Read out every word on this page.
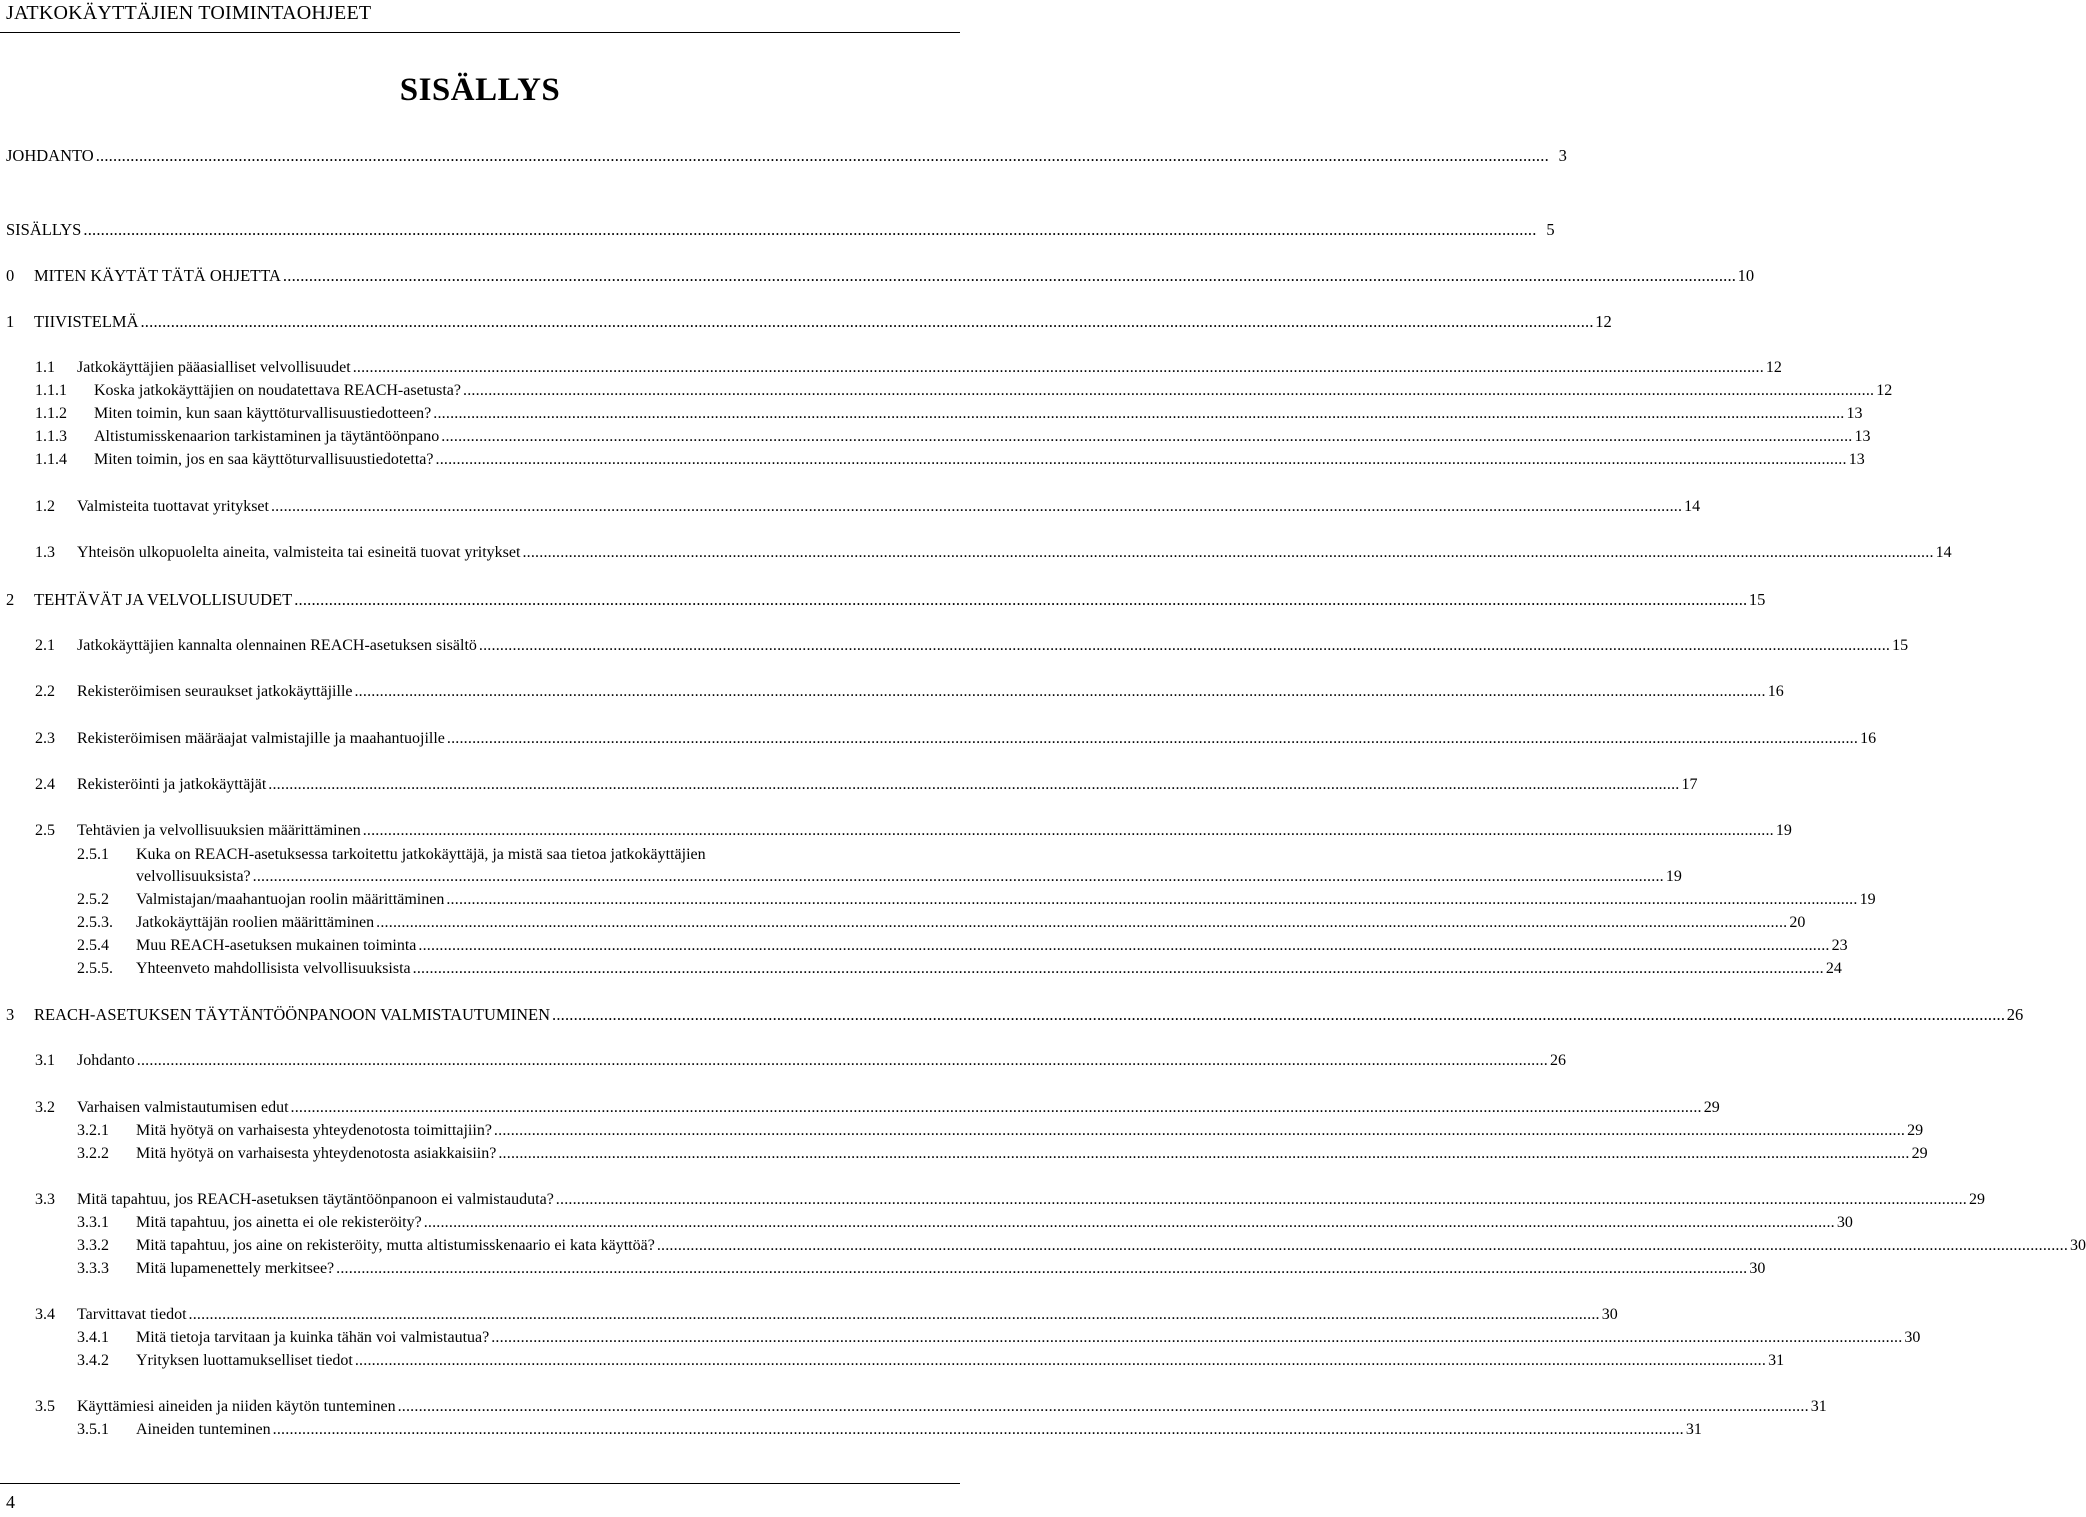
JATKOKÄYTTÄJIEN TOIMINTAOHJEET
SISÄLLYS
JOHDANTO .....	3
SISÄLLYS .....	5
0	MITEN KÄYTÄT TÄTÄ OHJETTA .....	10
1	TIIVISTELMÄ .....	12
1.1	Jatkokäyttäjien pääasialliset velvollisuudet .....	12
1.1.1	Koska jatkokäyttäjien on noudatettava REACH-asetusta? .....	12
1.1.2	Miten toimin, kun saan käyttöturvallisuustiedotteen? .....	13
1.1.3	Altistumisskenaarion tarkistaminen ja täytäntöönpano .....	13
1.1.4	Miten toimin, jos en saa käyttöturvallisuustiedotetta? .....	13
1.2	Valmisteita tuottavat yritykset .....	14
1.3	Yhteisön ulkopuolelta aineita, valmisteita tai esineitä tuovat yritykset .....	14
2	TEHTÄVÄT JA VELVOLLISUUDET .....	15
2.1	Jatkokäyttäjien kannalta olennainen REACH-asetuksen sisältö .....	15
2.2	Rekisteröimisen seuraukset jatkokäyttäjille .....	16
2.3	Rekisteröimisen määräajat valmistajille ja maahantuojille .....	16
2.4	Rekisteröinti ja jatkokäyttäjät .....	17
2.5	Tehtävien ja velvollisuuksien määrittäminen .....	19
2.5.1 Kuka on REACH-asetuksessa tarkoitettu jatkokäyttäjä, ja mistä saa tietoa jatkokäyttäjien
velvollisuuksista? .....	19
2.5.2	Valmistajan/maahantuojan roolin määrittäminen .....	19
2.5.3.	Jatkokäyttäjän roolien määrittäminen .....	20
2.5.4	Muu REACH-asetuksen mukainen toiminta .....	23
2.5.5.	Yhteenveto mahdollisista velvollisuuksista .....	24
3	REACH-ASETUKSEN TÄYTÄNTÖÖNPANOON VALMISTAUTUMINEN .....	26
3.1	Johdanto .....	26
3.2	Varhaisen valmistautumisen edut .....	29
3.2.1	Mitä hyötyä on varhaisesta yhteydenotosta toimittajiin? .....	29
3.2.2	Mitä hyötyä on varhaisesta yhteydenotosta asiakkaisiin? .....	29
3.3	Mitä tapahtuu, jos REACH-asetuksen täytäntöönpanoon ei valmistauduta? .....	29
3.3.1	Mitä tapahtuu, jos ainetta ei ole rekisteröity? .....	30
3.3.2	Mitä tapahtuu, jos aine on rekisteröity, mutta altistumisskenaario ei kata käyttöä? .....	30
3.3.3	Mitä lupamenettely merkitsee? .....	30
3.4	Tarvittavat tiedot .....	30
3.4.1	Mitä tietoja tarvitaan ja kuinka tähän voi valmistautua? .....	30
3.4.2	Yrityksen luottamukselliset tiedot .....	31
3.5	Käyttämiesi aineiden ja niiden käytön tunteminen .....	31
3.5.1	Aineiden tunteminen .....	31
4
